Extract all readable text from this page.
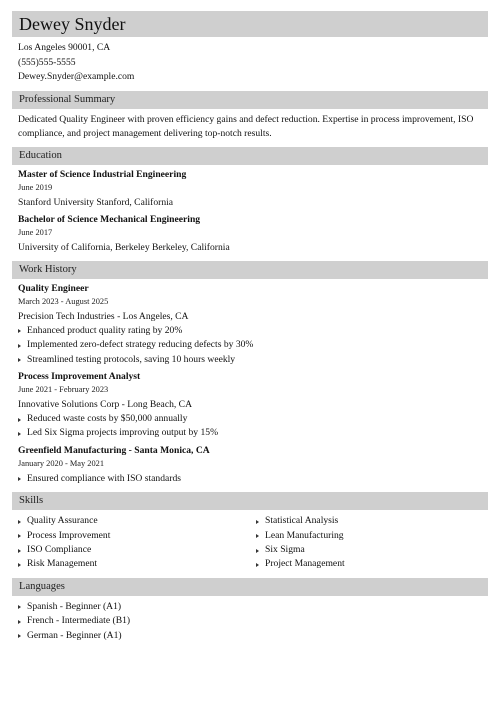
Dewey Snyder
Los Angeles 90001, CA
(555)555-5555
Dewey.Snyder@example.com
Professional Summary
Dedicated Quality Engineer with proven efficiency gains and defect reduction. Expertise in process improvement, ISO compliance, and project management delivering top-notch results.
Education
Master of Science Industrial Engineering
June 2019
Stanford University Stanford, California
Bachelor of Science Mechanical Engineering
June 2017
University of California, Berkeley Berkeley, California
Work History
Quality Engineer
March 2023 - August 2025
Precision Tech Industries - Los Angeles, CA
Enhanced product quality rating by 20%
Implemented zero-defect strategy reducing defects by 30%
Streamlined testing protocols, saving 10 hours weekly
Process Improvement Analyst
June 2021 - February 2023
Innovative Solutions Corp - Long Beach, CA
Reduced waste costs by $50,000 annually
Led Six Sigma projects improving output by 15%
Greenfield Manufacturing - Santa Monica, CA
January 2020 - May 2021
Ensured compliance with ISO standards
Skills
Quality Assurance
Process Improvement
ISO Compliance
Risk Management
Statistical Analysis
Lean Manufacturing
Six Sigma
Project Management
Languages
Spanish - Beginner (A1)
French - Intermediate (B1)
German - Beginner (A1)
